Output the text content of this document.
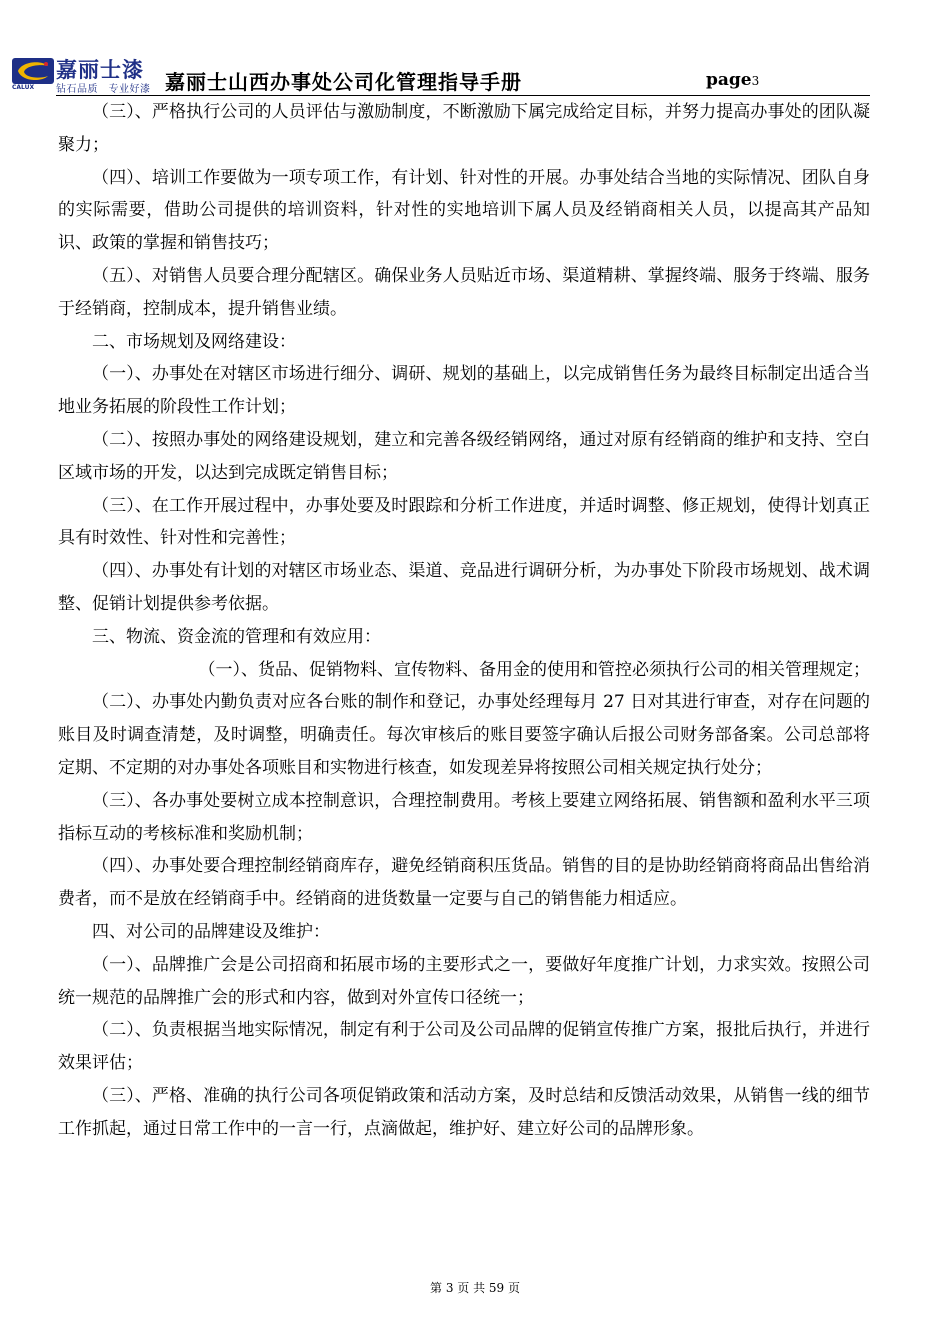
嘉丽士漆
钻石品质　专业好漆
CALUX	嘉丽士山西办事处公司化管理指导手册	page3

（三）、严格执行公司的人员评估与激励制度，不断激励下属完成给定目标，并努力提高办事处的团队凝聚力；

（四）、培训工作要做为一项专项工作，有计划、针对性的开展。办事处结合当地的实际情况、团队自身的实际需要，借助公司提供的培训资料，针对性的实地培训下属人员及经销商相关人员，以提高其产品知识、政策的掌握和销售技巧；

（五）、对销售人员要合理分配辖区。确保业务人员贴近市场、渠道精耕、掌握终端、服务于终端、服务于经销商，控制成本，提升销售业绩。

二、市场规划及网络建设：

（一）、办事处在对辖区市场进行细分、调研、规划的基础上，以完成销售任务为最终目标制定出适合当地业务拓展的阶段性工作计划；

（二）、按照办事处的网络建设规划，建立和完善各级经销网络，通过对原有经销商的维护和支持、空白区域市场的开发，以达到完成既定销售目标；

（三）、在工作开展过程中，办事处要及时跟踪和分析工作进度，并适时调整、修正规划，使得计划真正具有时效性、针对性和完善性；

（四）、办事处有计划的对辖区市场业态、渠道、竞品进行调研分析，为办事处下阶段市场规划、战术调整、促销计划提供参考依据。

三、物流、资金流的管理和有效应用：

（一）、货品、促销物料、宣传物料、备用金的使用和管控必须执行公司的相关管理规定；

（二）、办事处内勤负责对应各台账的制作和登记，办事处经理每月 27 日对其进行审查，对存在问题的账目及时调查清楚，及时调整，明确责任。每次审核后的账目要签字确认后报公司财务部备案。公司总部将定期、不定期的对办事处各项账目和实物进行核查，如发现差异将按照公司相关规定执行处分；

（三）、各办事处要树立成本控制意识，合理控制费用。考核上要建立网络拓展、销售额和盈利水平三项指标互动的考核标准和奖励机制；

（四）、办事处要合理控制经销商库存，避免经销商积压货品。销售的目的是协助经销商将商品出售给消费者，而不是放在经销商手中。经销商的进货数量一定要与自己的销售能力相适应。

四、对公司的品牌建设及维护：

（一）、品牌推广会是公司招商和拓展市场的主要形式之一，要做好年度推广计划，力求实效。按照公司统一规范的品牌推广会的形式和内容，做到对外宣传口径统一；

（二）、负责根据当地实际情况，制定有利于公司及公司品牌的促销宣传推广方案，报批后执行，并进行效果评估；

（三）、严格、准确的执行公司各项促销政策和活动方案，及时总结和反馈活动效果，从销售一线的细节工作抓起，通过日常工作中的一言一行，点滴做起，维护好、建立好公司的品牌形象。

第 3 页 共 59 页
